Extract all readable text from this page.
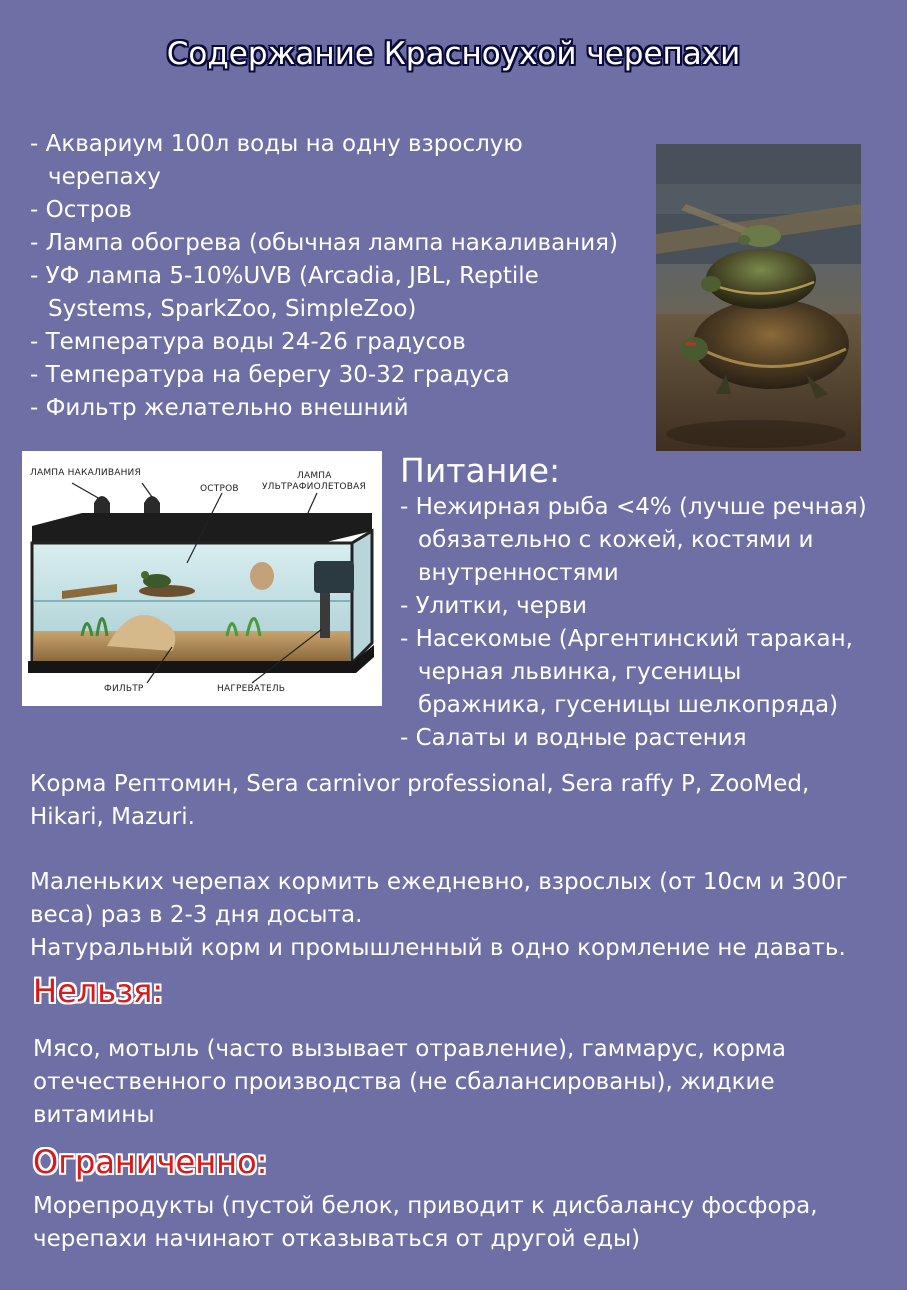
Содержание Красноухой черепахи
- Аквариум 100л воды на одну взрослую
черепаху
- Остров
- Лампа обогрева (обычная лампа накаливания)
- УФ лампа 5-10%UVB (Arcadia, JBL, Reptile
Systems, SparkZoo, SimpleZoo)
- Температура воды 24-26 градусов
- Температура на берегу 30-32 градуса
- Фильтр желательно внешний
ЛАМПА НАКАЛИВАНИЯ
ОСТРОВ
ЛАМПА
УЛЬТРАФИОЛЕТОВАЯ
ФИЛЬТР	НАГРЕВАТЕЛЬ
Питание:
- Нежирная рыба <4% (лучше речная)
обязательно с кожей, костями и
внутренностями
- Улитки, черви
- Насекомые (Аргентинский таракан,
черная львинка, гусеницы
бражника, гусеницы шелкопряда)
- Салаты и водные растения
Корма Рептомин, Sera carnivor professional, Sera raffy P, ZooMed,
Hikari, Mazuri.
Маленьких черепах кормить ежедневно, взрослых (от 10см и 300г
веса) раз в 2-3 дня досыта.
Натуральный корм и промышленный в одно кормление не давать.
Нельзя:
Мясо, мотыль (часто вызывает отравление), гаммарус, корма
отечественного производства (не сбалансированы), жидкие
витамины
Ограниченно:
Морепродукты (пустой белок, приводит к дисбалансу фосфора,
черепахи начинают отказываться от другой еды)
